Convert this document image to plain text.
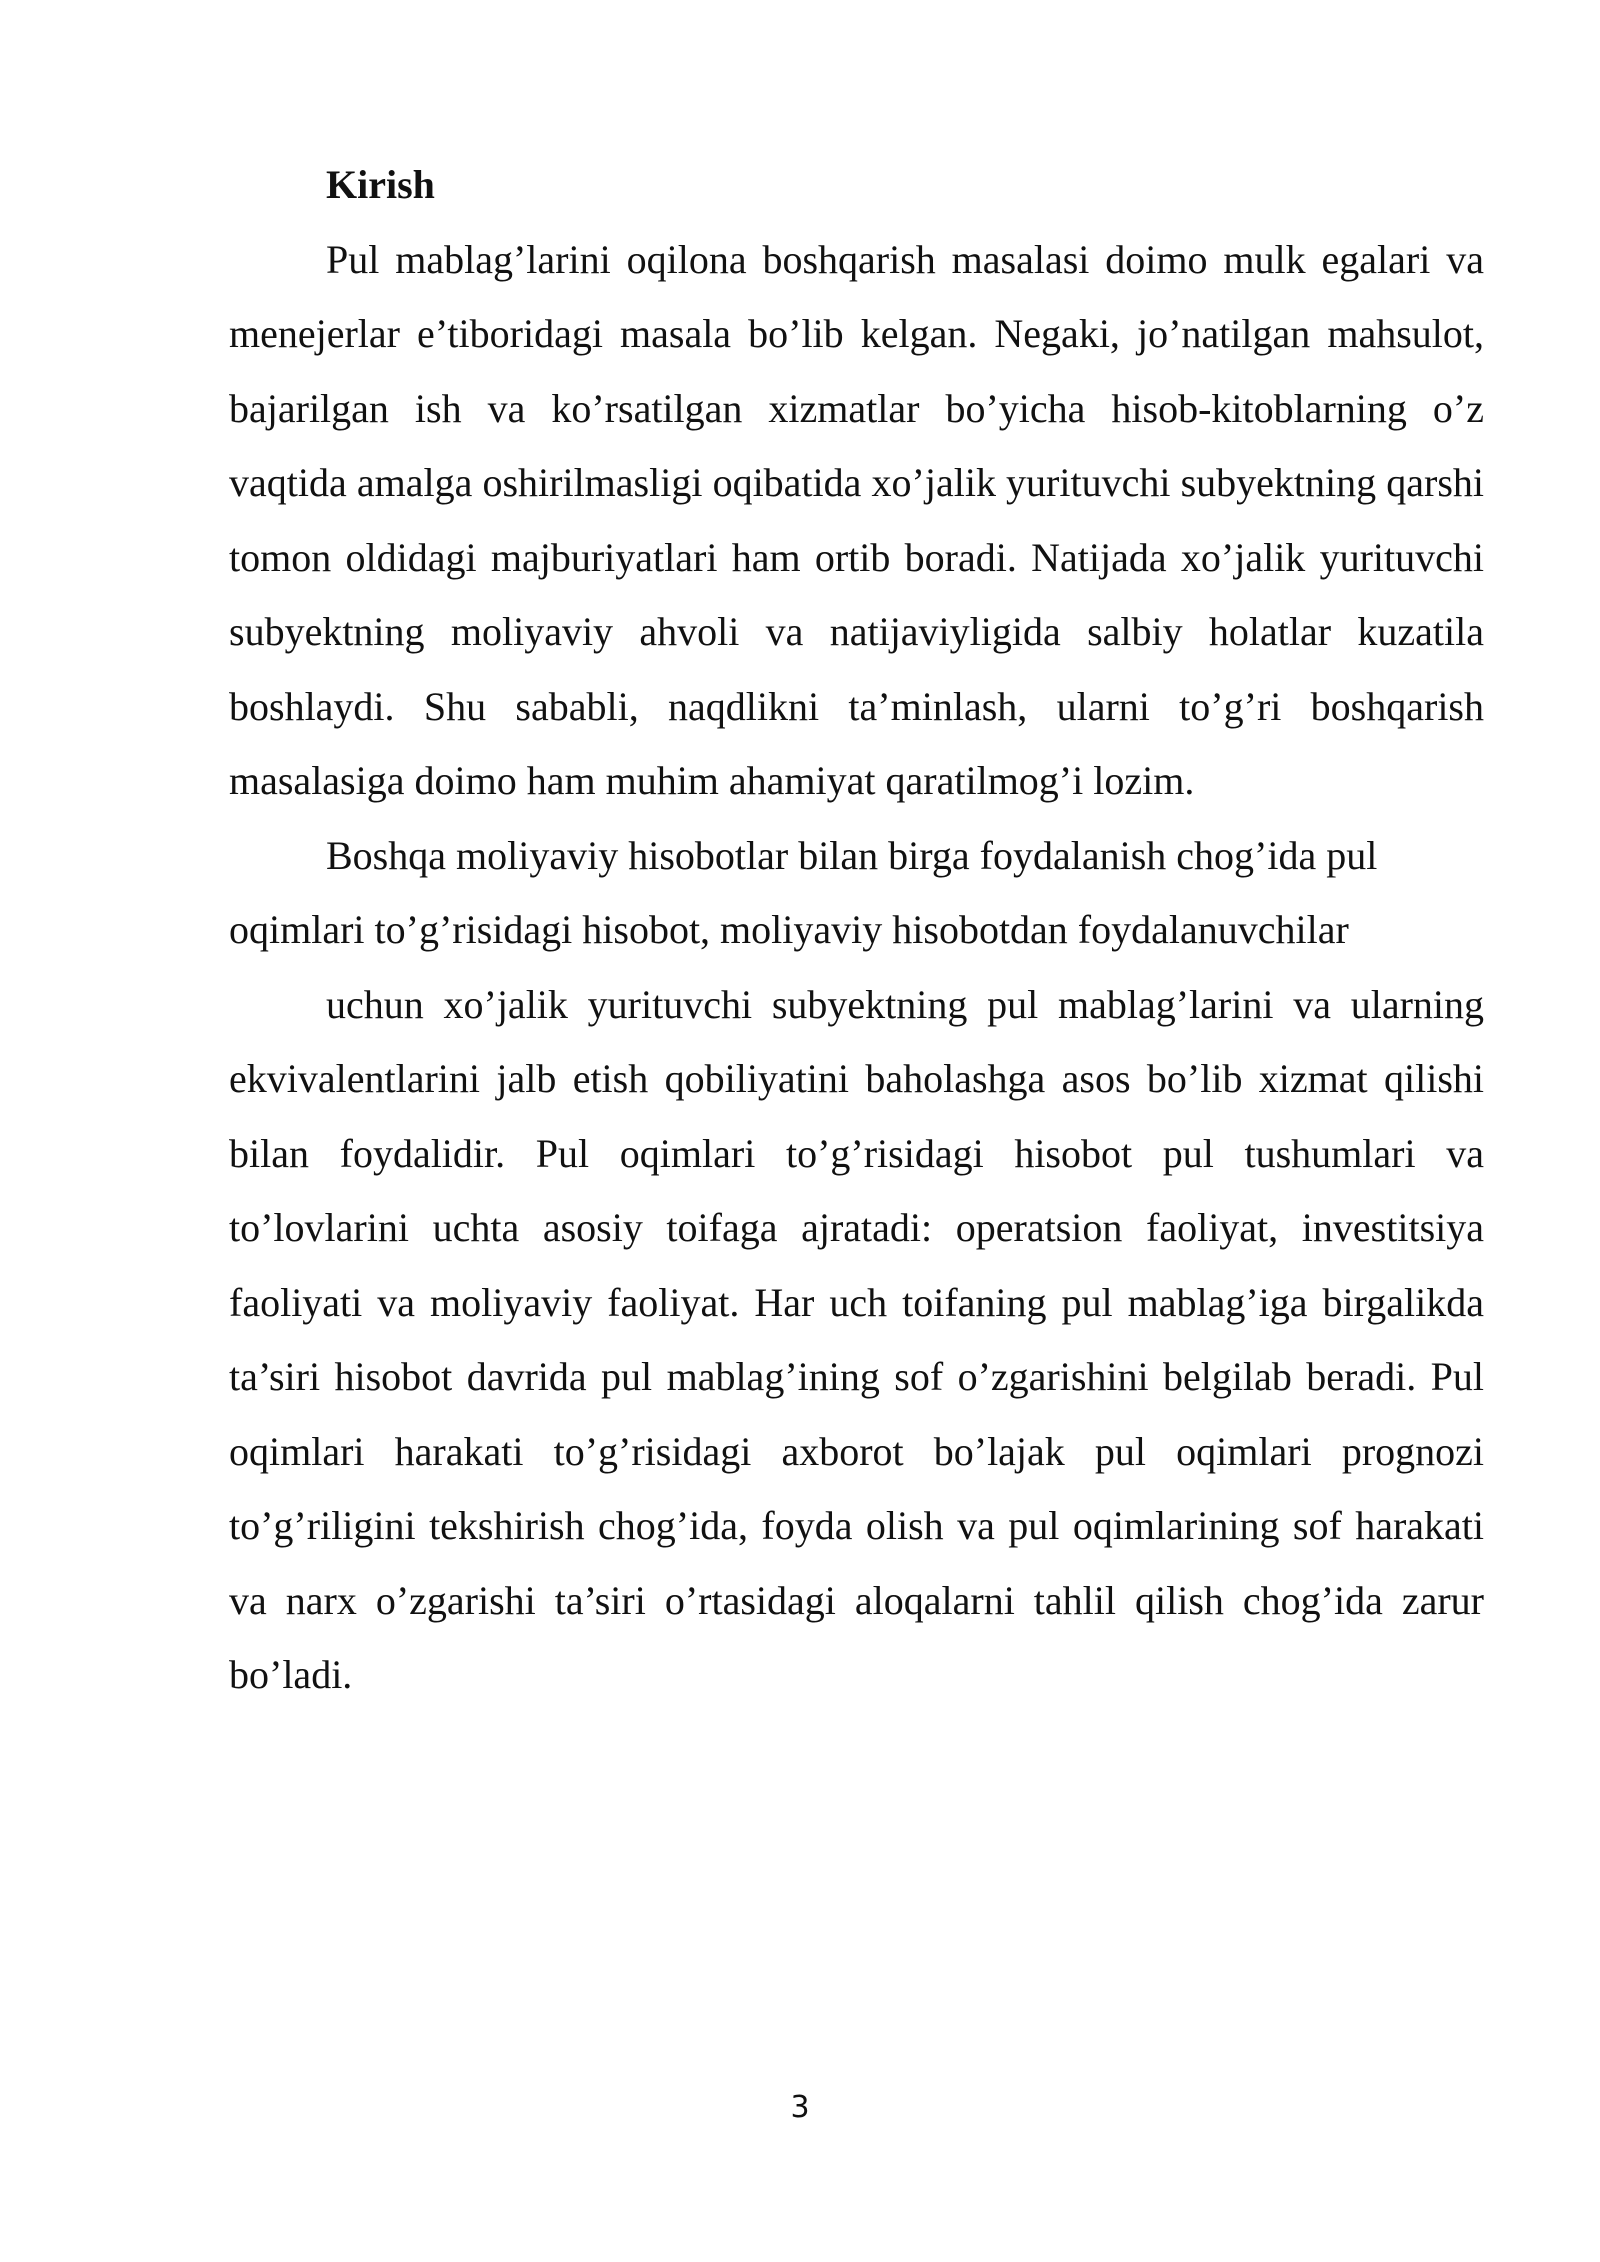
Kirish

Pul mablag’larini oqilona boshqarish masalasi doimo mulk egalari va menejerlar e’tiboridagi masala bo’lib kelgan. Negaki, jo’natilgan mahsulot, bajarilgan ish va ko’rsatilgan xizmatlar bo’yicha hisob-kitoblarning o’z vaqtida amalga oshirilmasligi oqibatida xo’jalik yurituvchi subyektning qarshi tomon oldidagi majburiyatlari ham ortib boradi. Natijada xo’jalik yurituvchi subyektning moliyaviy ahvoli va natijaviyligida salbiy holatlar kuzatila boshlaydi. Shu sababli, naqdlikni ta’minlash, ularni to’g’ri boshqarish masalasiga doimo ham muhim ahamiyat qaratilmog’i lozim.

Boshqa moliyaviy hisobotlar bilan birga foydalanish chog’ida pul oqimlari to’g’risidagi hisobot, moliyaviy hisobotdan foydalanuvchilar

uchun xo’jalik yurituvchi subyektning pul mablag’larini va ularning ekvivalentlarini jalb etish qobiliyatini baholashga asos bo’lib xizmat qilishi bilan foydalidir. Pul oqimlari to’g’risidagi hisobot pul tushumlari va to’lovlarini uchta asosiy toifaga ajratadi: operatsion faoliyat, investitsiya faoliyati va moliyaviy faoliyat. Har uch toifaning pul mablag’iga birgalikda ta’siri hisobot davrida pul mablag’ining sof o’zgarishini belgilab beradi. Pul oqimlari harakati to’g’risidagi axborot bo’lajak pul oqimlari prognozi to’g’riligini tekshirish chog’ida, foyda olish va pul oqimlarining sof harakati va narx o’zgarishi ta’siri o’rtasidagi aloqalarni tahlil qilish chog’ida zarur bo’ladi.

3
